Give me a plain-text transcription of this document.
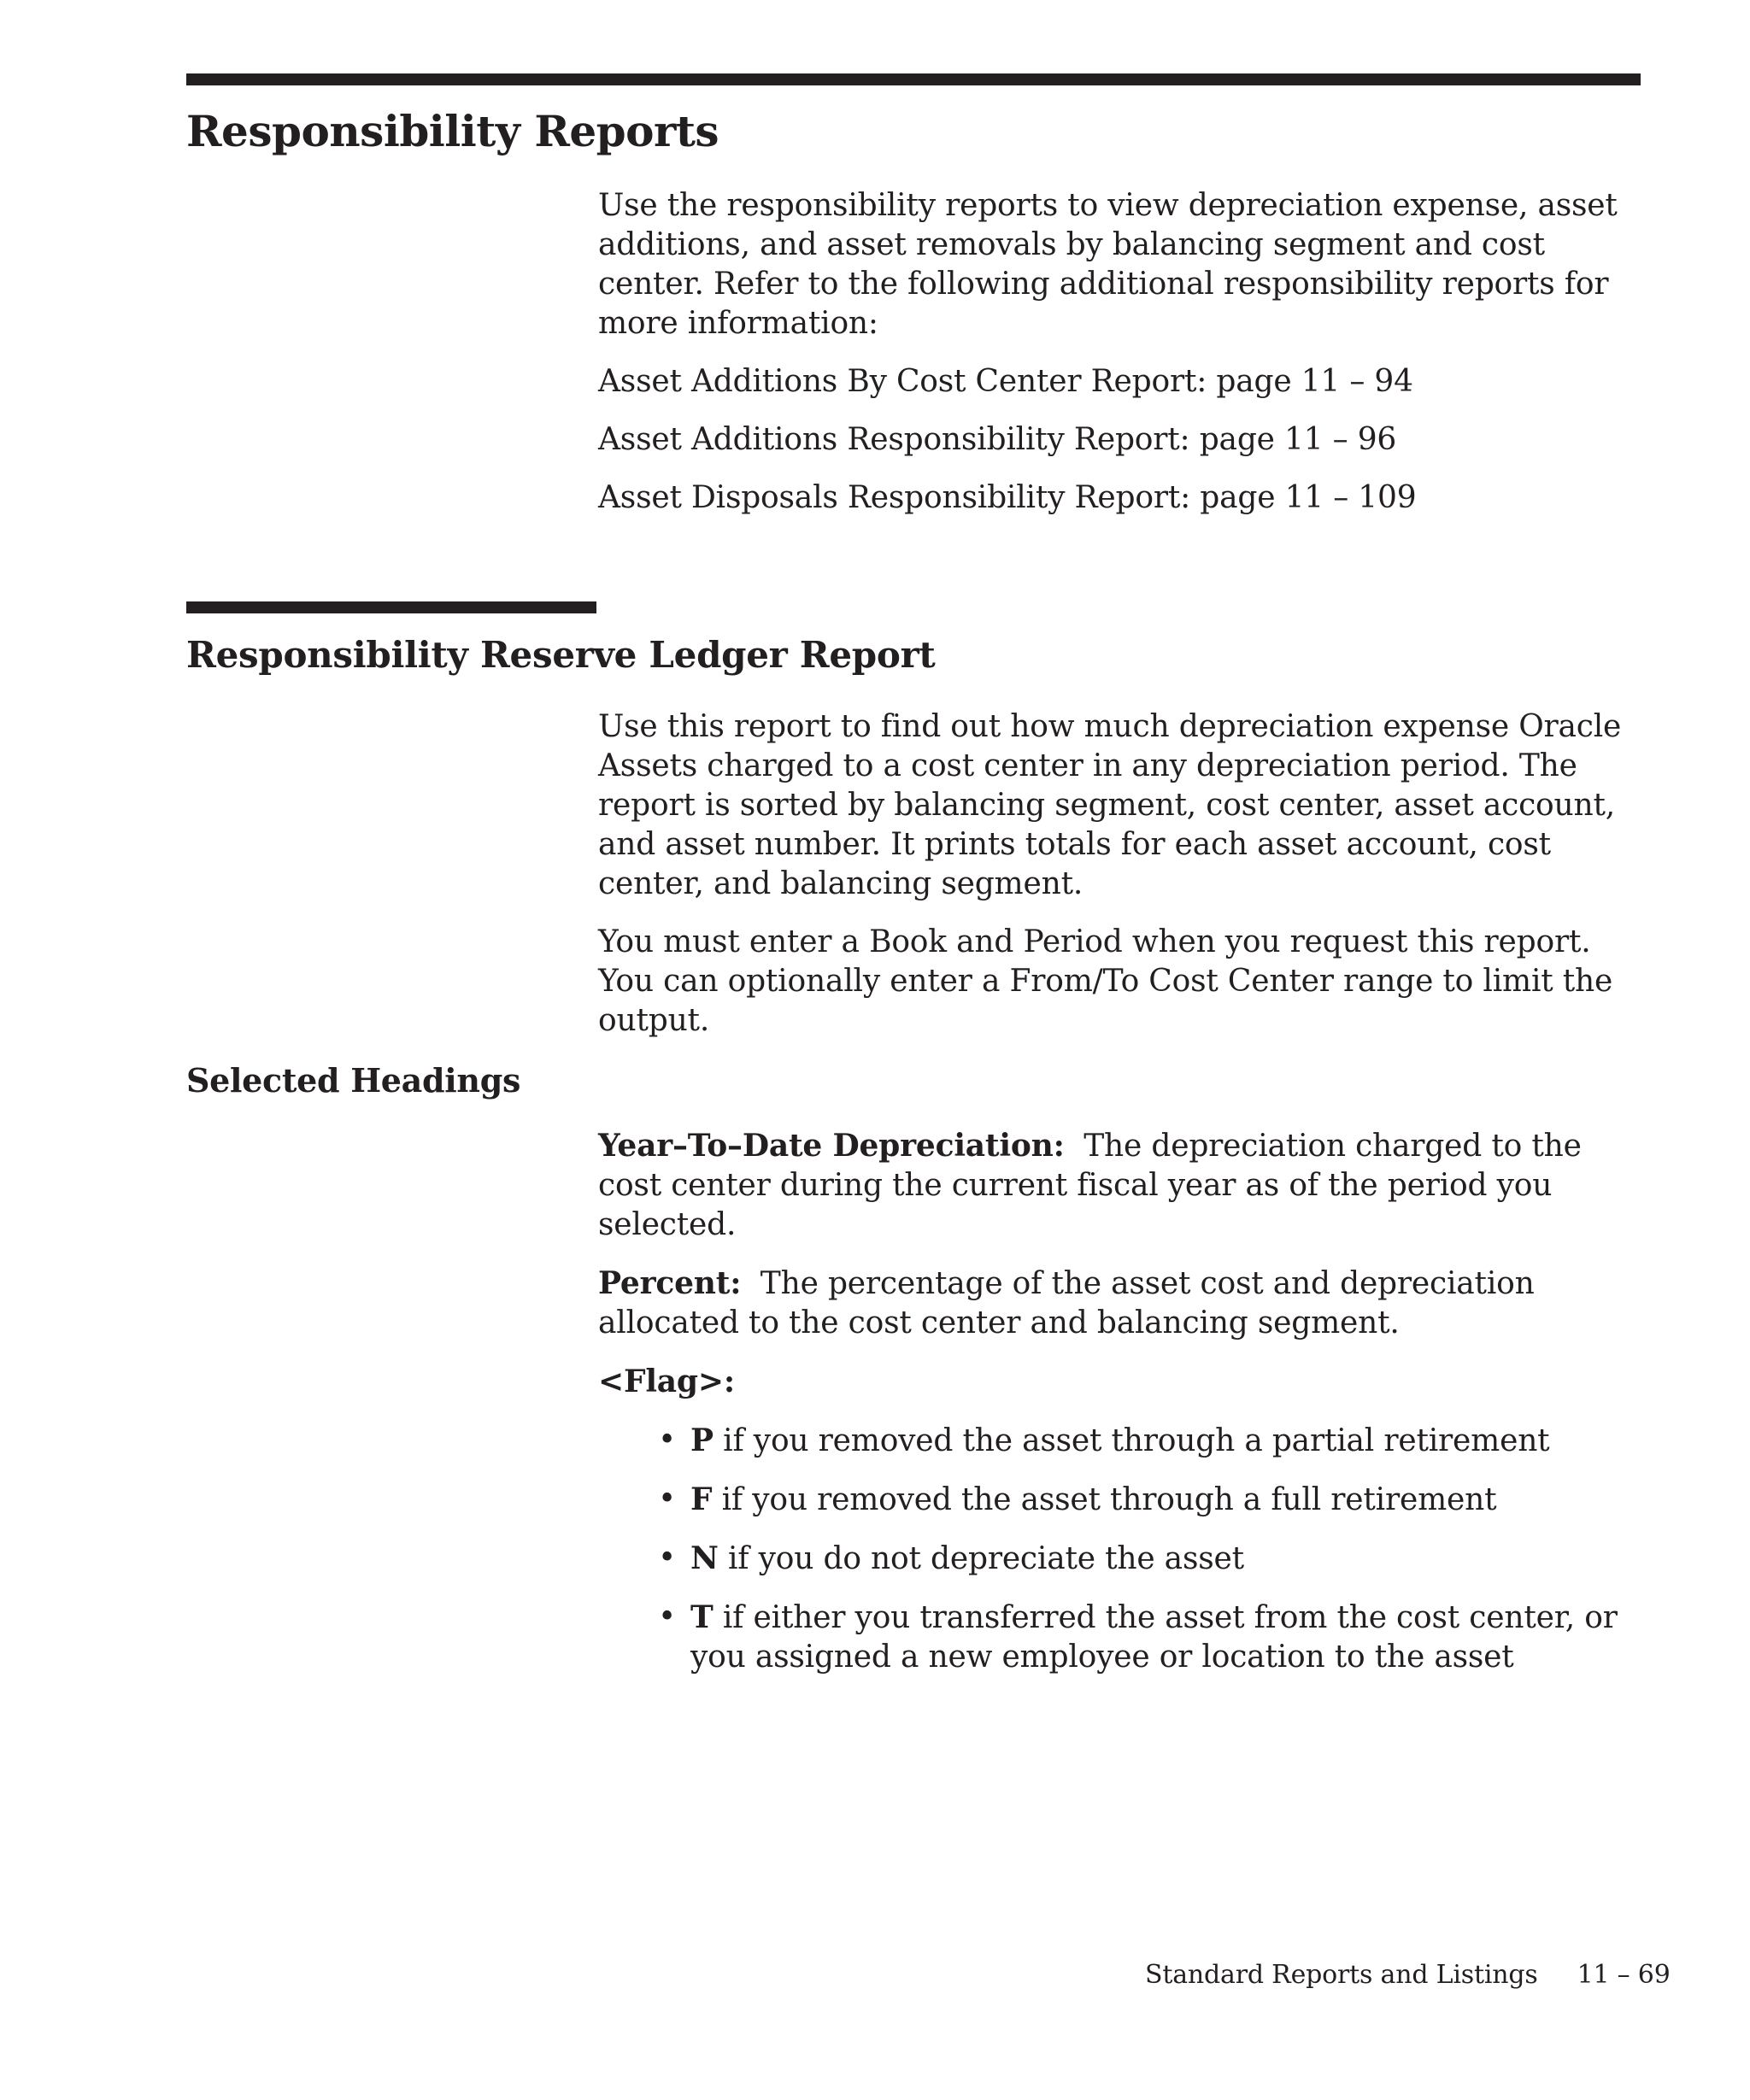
Responsibility Reports

Use the responsibility reports to view depreciation expense, asset additions, and asset removals by balancing segment and cost center. Refer to the following additional responsibility reports for more information:

Asset Additions By Cost Center Report: page 11 – 94

Asset Additions Responsibility Report: page 11 – 96

Asset Disposals Responsibility Report: page 11 – 109

Responsibility Reserve Ledger Report

Use this report to find out how much depreciation expense Oracle Assets charged to a cost center in any depreciation period. The report is sorted by balancing segment, cost center, asset account, and asset number. It prints totals for each asset account, cost center, and balancing segment.

You must enter a Book and Period when you request this report. You can optionally enter a From/To Cost Center range to limit the output.

Selected Headings

Year–To–Date Depreciation: The depreciation charged to the cost center during the current fiscal year as of the period you selected.

Percent: The percentage of the asset cost and depreciation allocated to the cost center and balancing segment.

<Flag>:

• P if you removed the asset through a partial retirement
• F if you removed the asset through a full retirement
• N if you do not depreciate the asset
• T if either you transferred the asset from the cost center, or you assigned a new employee or location to the asset
Standard Reports and Listings 11 – 69
